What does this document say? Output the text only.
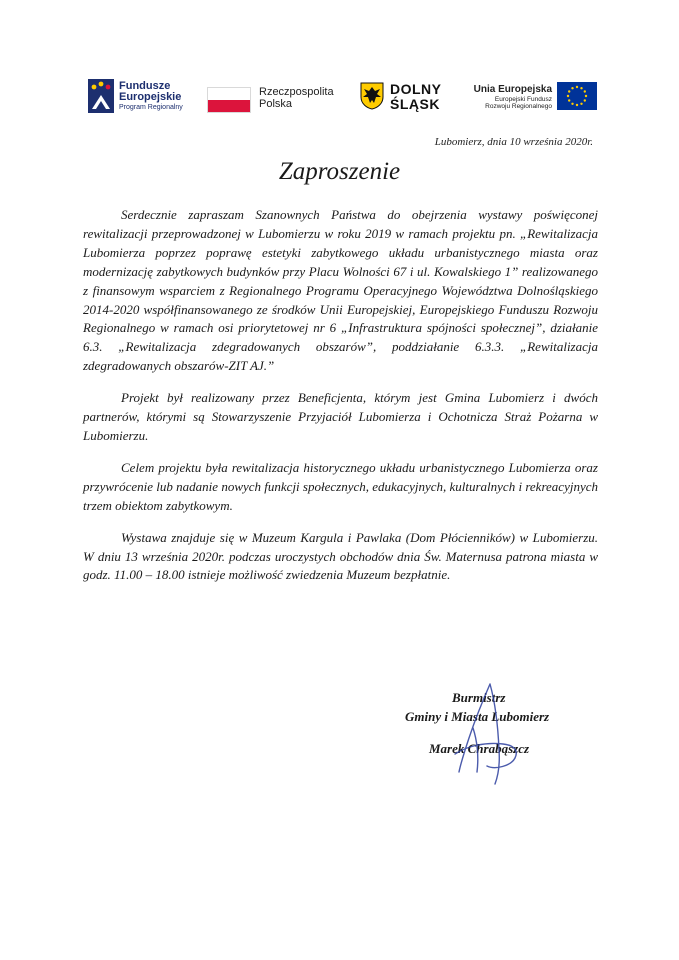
Fundusze
Europejskie
Program Regionalny
Rzeczpospolita
Polska
DOLNY
ŚLĄSK
Unia Europejska
Europejski Fundusz
Rozwoju Regionalnego
Lubomierz, dnia 10 września 2020r.
Zaproszenie

Serdecznie zapraszam Szanownych Państwa do obejrzenia wystawy poświęconej rewitalizacji przeprowadzonej w Lubomierzu w roku 2019 w ramach projektu pn. „Rewitalizacja Lubomierza poprzez poprawę estetyki zabytkowego układu urbanistycznego miasta oraz modernizację zabytkowych budynków przy Placu Wolności 67 i ul. Kowalskiego 1” realizowanego z finansowym wsparciem z Regionalnego Programu Operacyjnego Województwa Dolnośląskiego 2014-2020 współfinansowanego ze środków Unii Europejskiej, Europejskiego Funduszu Rozwoju Regionalnego w ramach osi priorytetowej nr 6 „Infrastruktura spójności społecznej”, działanie 6.3. „Rewitalizacja zdegradowanych obszarów”, poddziałanie 6.3.3. „Rewitalizacja zdegradowanych obszarów-ZIT AJ.”

Projekt był realizowany przez Beneficjenta, którym jest Gmina Lubomierz i dwóch partnerów, którymi są Stowarzyszenie Przyjaciół Lubomierza i Ochotnicza Straż Pożarna w Lubomierzu.

Celem projektu była rewitalizacja historycznego układu urbanistycznego Lubomierza oraz przywrócenie lub nadanie nowych funkcji społecznych, edukacyjnych, kulturalnych i rekreacyjnych trzem obiektom zabytkowym.

Wystawa znajduje się w Muzeum Kargula i Pawlaka (Dom Płócienników) w Lubomierzu. W dniu 13 września 2020r. podczas uroczystych obchodów dnia Św. Maternusa patrona miasta w godz. 11.00 – 18.00 istnieje możliwość zwiedzenia Muzeum bezpłatnie.

Burmistrz
Gminy i Miasta Lubomierz
Marek Chrabąszcz
